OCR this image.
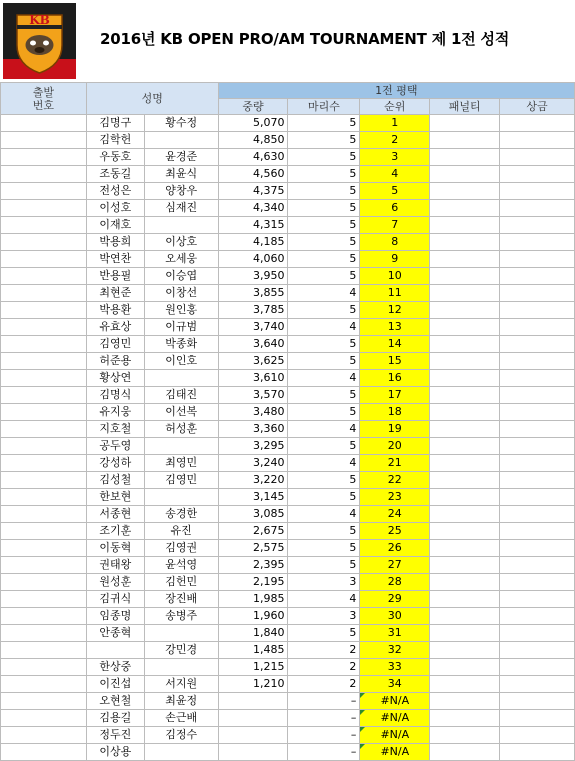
KB
2016년 KB OPEN PRO/AM TOURNAMENT 제 1전 성적
출발
번호	성명		1전 평택				
			중량	마리수	순위	패널티	상금
	김명구	황수정	5,070	5	1		
	김학헌		4,850	5	2		
	우동호	윤경준	4,630	5	3		
	조동길	최윤식	4,560	5	4		
	전성은	양창우	4,375	5	5		
	이성호	심재진	4,340	5	6		
	이재호		4,315	5	7		
	박용희	이상호	4,185	5	8		
	박연찬	오세웅	4,060	5	9		
	반용필	이승엽	3,950	5	10		
	최현준	이창선	3,855	4	11		
	박용환	원인홍	3,785	5	12		
	유효상	이규범	3,740	4	13		
	김영민	박종화	3,640	5	14		
	허준용	이인호	3,625	5	15		
	황상연		3,610	4	16		
	김명식	김태진	3,570	5	17		
	유지웅	이선복	3,480	5	18		
	지호철	허성훈	3,360	4	19		
	공두영		3,295	5	20		
	강성하	최영민	3,240	4	21		
	김성철	김영민	3,220	5	22		
	한보현		3,145	5	23		
	서종현	송경한	3,085	4	24		
	조기훈	유진	2,675	5	25		
	이동혁	김영권	2,575	5	26		
	권태왕	윤석영	2,395	5	27		
	원성훈	김헌민	2,195	3	28		
	김귀식	장진배	1,985	4	29		
	임종명	송병주	1,960	3	30		
	안종혁		1,840	5	31		
		강민경	1,485	2	32		
	한상중		1,215	2	33		
	이진섭	서지원	1,210	2	34		
	오현철	최윤정		–	#N/A		
	김용길	손근배		–	#N/A		
	정두진	김정수		–	#N/A		
	이상용			–	#N/A		
